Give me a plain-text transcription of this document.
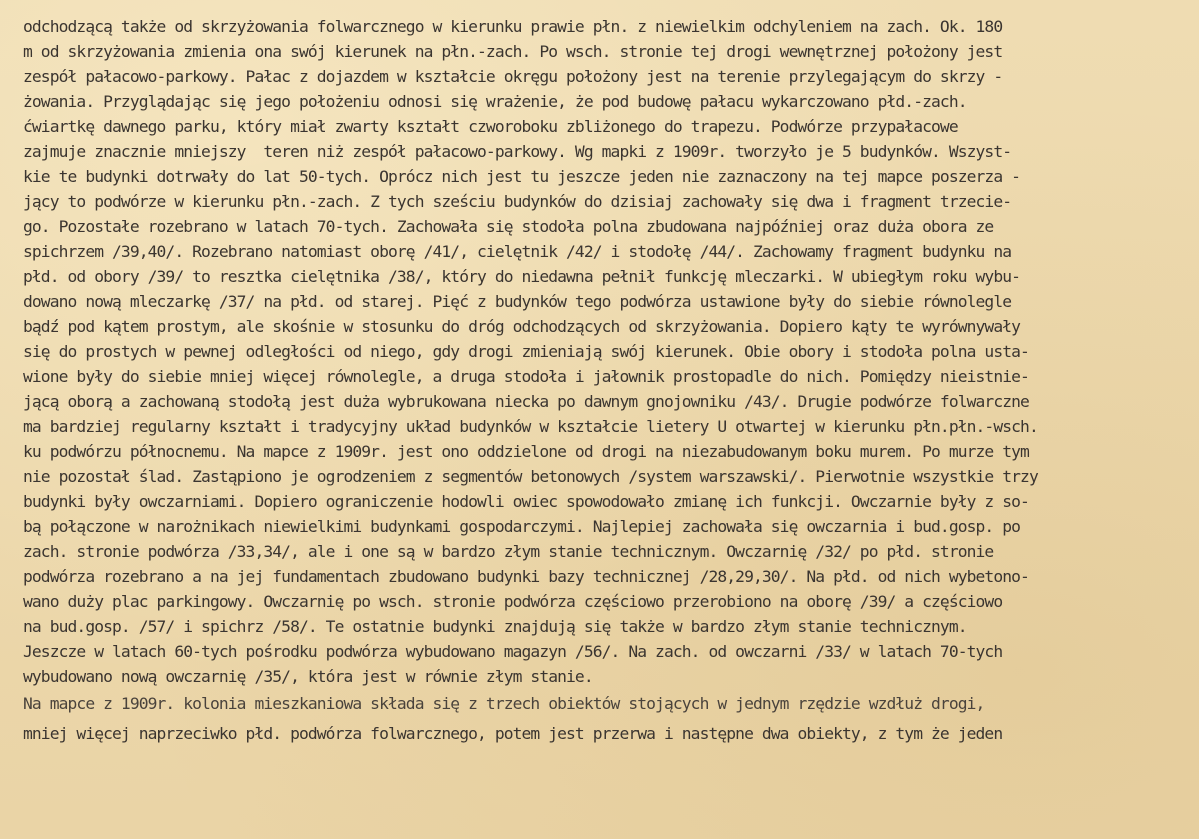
odchodzącą także od skrzyżowania folwarcznego w kierunku prawie płn. z niewielkim odchyleniem na zach. Ok. 180
m od skrzyżowania zmienia ona swój kierunek na płn.-zach. Po wsch. stronie tej drogi wewnętrznej położony jest
zespół pałacowo-parkowy. Pałac z dojazdem w kształcie okręgu położony jest na terenie przylegającym do skrzy -
żowania. Przyglądając się jego położeniu odnosi się wrażenie, że pod budowę pałacu wykarczowano płd.-zach.
ćwiartkę dawnego parku, który miał zwarty kształt czworoboku zbliżonego do trapezu. Podwórze przypałacowe
zajmuje znacznie mniejszy  teren niż zespół pałacowo-parkowy. Wg mapki z 1909r. tworzyło je 5 budynków. Wszyst-
kie te budynki dotrwały do lat 50-tych. Oprócz nich jest tu jeszcze jeden nie zaznaczony na tej mapce poszerza -
jący to podwórze w kierunku płn.-zach. Z tych sześciu budynków do dzisiaj zachowały się dwa i fragment trzecie-
go. Pozostałe rozebrano w latach 70-tych. Zachowała się stodoła polna zbudowana najpóźniej oraz duża obora ze
spichrzem /39,40/. Rozebrano natomiast oborę /41/, cielętnik /42/ i stodołę /44/. Zachowamy fragment budynku na
płd. od obory /39/ to resztka cielętnika /38/, który do niedawna pełnił funkcję mleczarki. W ubiegłym roku wybu-
dowano nową mleczarkę /37/ na płd. od starej. Pięć z budynków tego podwórza ustawione były do siebie równolegle
bądź pod kątem prostym, ale skośnie w stosunku do dróg odchodzących od skrzyżowania. Dopiero kąty te wyrównywały
się do prostych w pewnej odległości od niego, gdy drogi zmieniają swój kierunek. Obie obory i stodoła polna usta-
wione były do siebie mniej więcej równolegle, a druga stodoła i jałownik prostopadle do nich. Pomiędzy nieistnie-
jącą oborą a zachowaną stodołą jest duża wybrukowana niecka po dawnym gnojowniku /43/. Drugie podwórze folwarczne
ma bardziej regularny kształt i tradycyjny układ budynków w kształcie lietery U otwartej w kierunku płn.płn.-wsch.
ku podwórzu północnemu. Na mapce z 1909r. jest ono oddzielone od drogi na niezabudowanym boku murem. Po murze tym
nie pozostał ślad. Zastąpiono je ogrodzeniem z segmentów betonowych /system warszawski/. Pierwotnie wszystkie trzy
budynki były owczarniami. Dopiero ograniczenie hodowli owiec spowodowało zmianę ich funkcji. Owczarnie były z so-
bą połączone w narożnikach niewielkimi budynkami gospodarczymi. Najlepiej zachowała się owczarnia i bud.gosp. po
zach. stronie podwórza /33,34/, ale i one są w bardzo złym stanie technicznym. Owczarnię /32/ po płd. stronie
podwórza rozebrano a na jej fundamentach zbudowano budynki bazy technicznej /28,29,30/. Na płd. od nich wybetono-
wano duży plac parkingowy. Owczarnię po wsch. stronie podwórza częściowo przerobiono na oborę /39/ a częściowo
na bud.gosp. /57/ i spichrz /58/. Te ostatnie budynki znajdują się także w bardzo złym stanie technicznym.
Jeszcze w latach 60-tych pośrodku podwórza wybudowano magazyn /56/. Na zach. od owczarni /33/ w latach 70-tych
wybudowano nową owczarnię /35/, która jest w równie złym stanie.
Na mapce z 1909r. kolonia mieszkaniowa składa się z trzech obiektów stojących w jednym rzędzie wzdłuż drogi,
mniej więcej naprzeciwko płd. podwórza folwarcznego, potem jest przerwa i następne dwa obiekty, z tym że jeden
